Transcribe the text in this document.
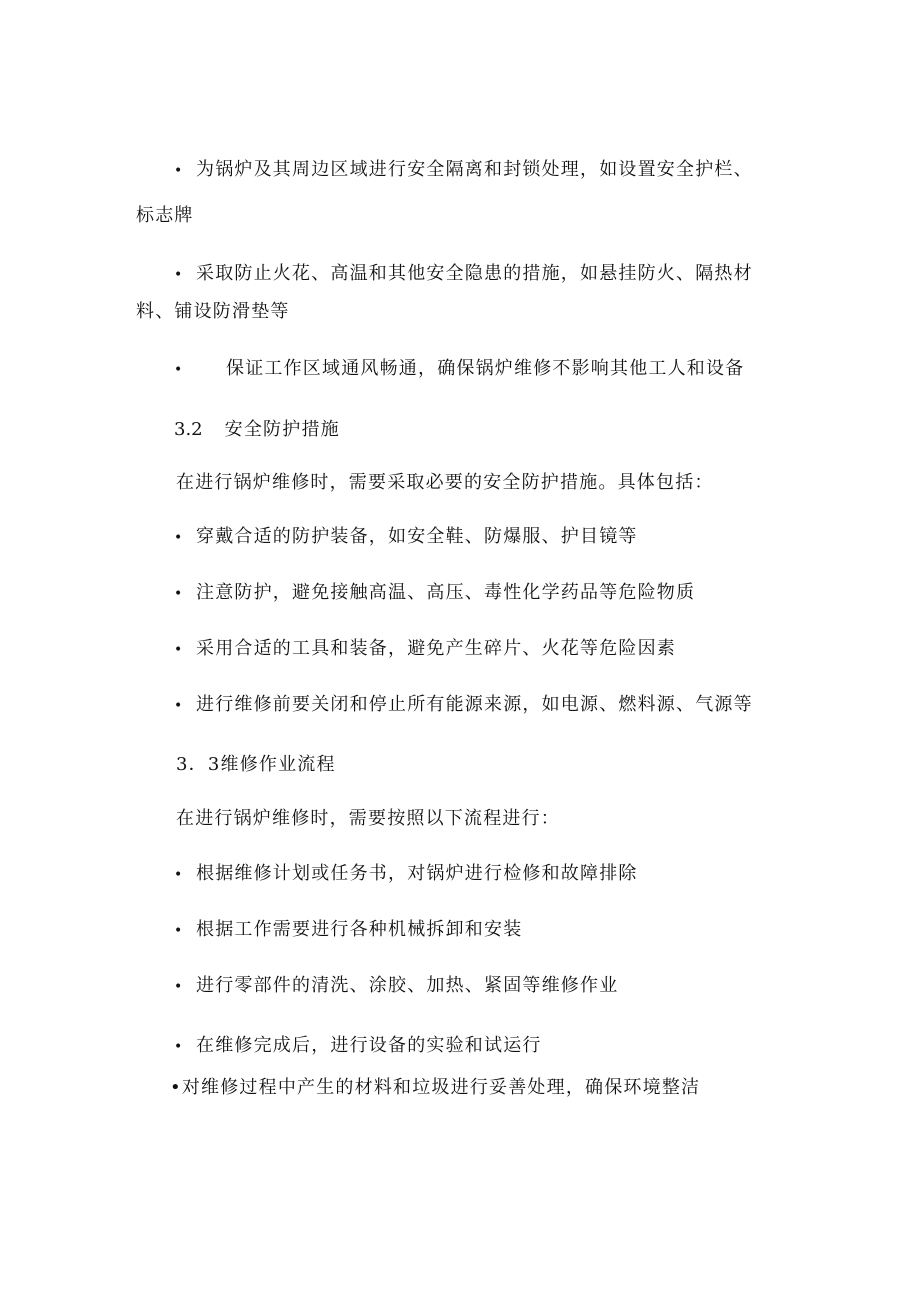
• 为锅炉及其周边区域进行安全隔离和封锁处理，如设置安全护栏、
标志牌
• 采取防止火花、高温和其他安全隐患的措施，如悬挂防火、隔热材
料、铺设防滑垫等
• 保证工作区域通风畅通，确保锅炉维修不影响其他工人和设备
3.2 安全防护措施
在进行锅炉维修时，需要采取必要的安全防护措施。具体包括：
• 穿戴合适的防护装备，如安全鞋、防爆服、护目镜等
• 注意防护，避免接触高温、高压、毒性化学药品等危险物质
• 采用合适的工具和装备，避免产生碎片、火花等危险因素
• 进行维修前要关闭和停止所有能源来源，如电源、燃料源、气源等
3．3维修作业流程
在进行锅炉维修时，需要按照以下流程进行：
• 根据维修计划或任务书，对锅炉进行检修和故障排除
• 根据工作需要进行各种机械拆卸和安装
• 进行零部件的清洗、涂胶、加热、紧固等维修作业
• 在维修完成后，进行设备的实验和试运行
•对维修过程中产生的材料和垃圾进行妥善处理，确保环境整洁
